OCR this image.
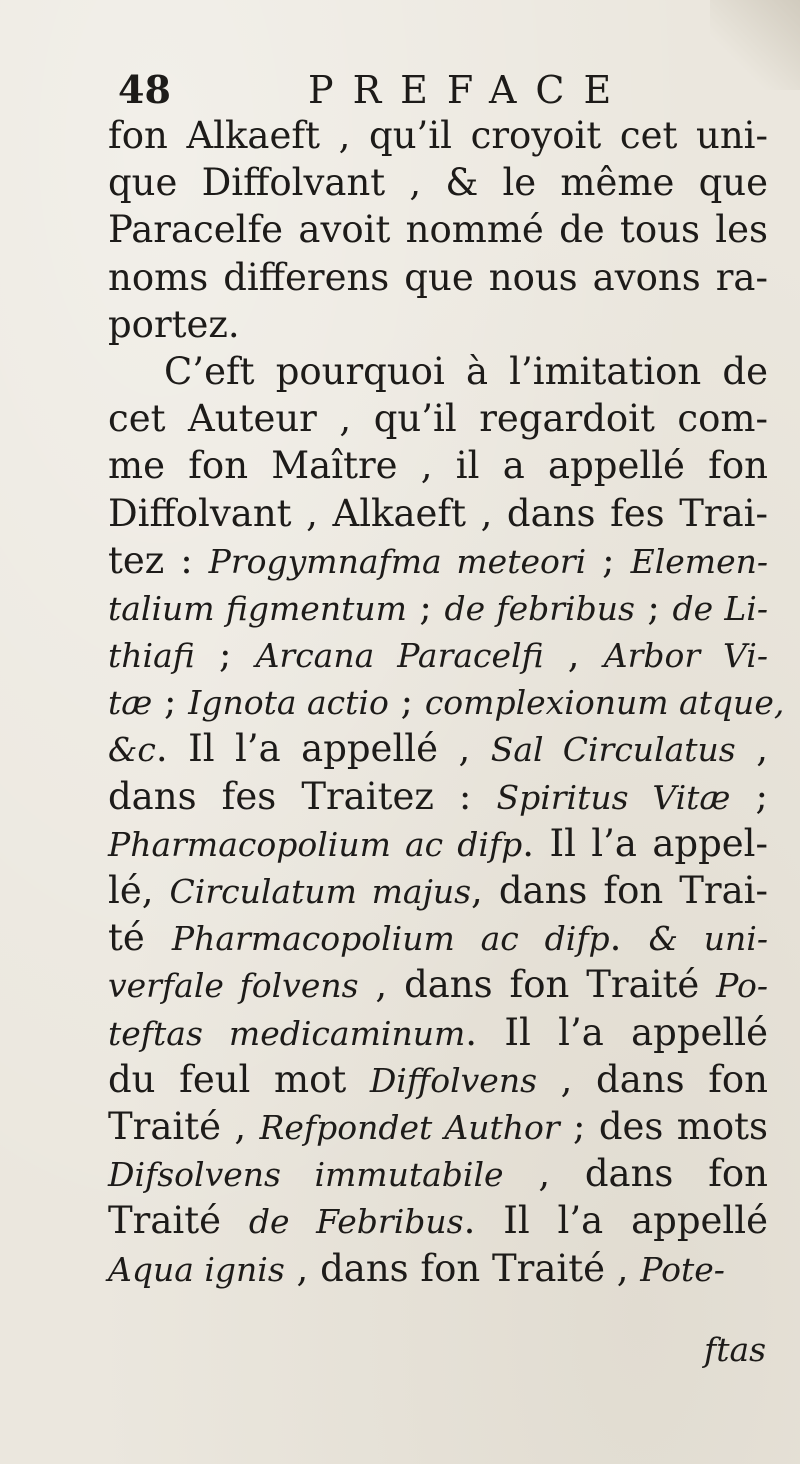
48	PREFACE
fon Alkaeft , qu’il croyoit cet uni-
que Diffolvant , & le même que
Paracelfe avoit nommé de tous les
noms differens que nous avons ra-
portez.
C’eft pourquoi à l’imitation de
cet Auteur , qu’il regardoit com-
me fon Maître , il a appellé fon
Diffolvant , Alkaeft , dans fes Trai-
tez : Progymnafma meteori ; Elemen-
talium figmentum ; de febribus ; de Li-
thiafi ; Arcana Paracelfi , Arbor Vi-
tæ ; Ignota actio ; complexionum atque,
&c. Il l’a appellé , Sal Circulatus ,
dans fes Traitez : Spiritus Vitæ ;
Pharmacopolium ac difp. Il l’a appel-
lé, Circulatum majus, dans fon Trai-
té Pharmacopolium ac difp. & uni-
verfale folvens , dans fon Traité Po-
teftas medicaminum. Il l’a appellé
du feul mot Diffolvens , dans fon
Traité , Refpondet Author ; des mots
Difsolvens immutabile , dans fon
Traité de Febribus. Il l’a appellé
Aqua ignis , dans fon Traité , Pote-
ftas
